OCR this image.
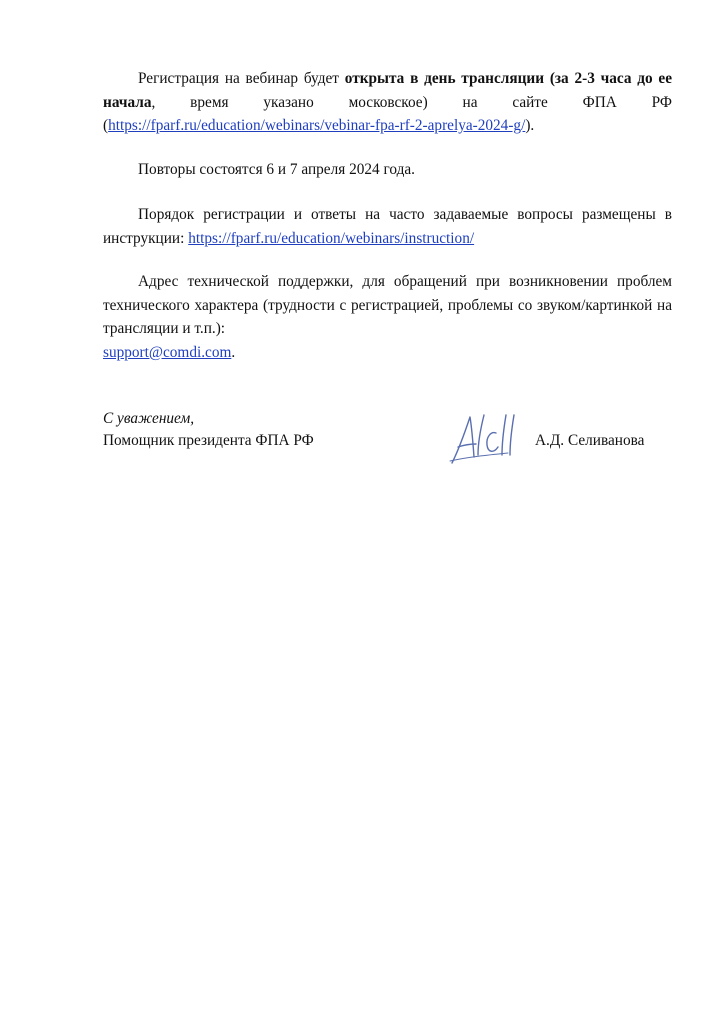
Регистрация на вебинар будет открыта в день трансляции (за 2-3 часа до ее начала, время указано московское) на сайте ФПА РФ (https://fparf.ru/education/webinars/vebinar-fpa-rf-2-aprelya-2024-g/).

Повторы состоятся 6 и 7 апреля 2024 года.

Порядок регистрации и ответы на часто задаваемые вопросы размещены в инструкции: https://fparf.ru/education/webinars/instruction/

Адрес технической поддержки, для обращений при возникновении проблем технического характера (трудности с регистрацией, проблемы со звуком/картинкой на трансляции и т.п.):
support@comdi.com.

С уважением,
Помощник президента ФПА РФ	А.Д. Селиванова
